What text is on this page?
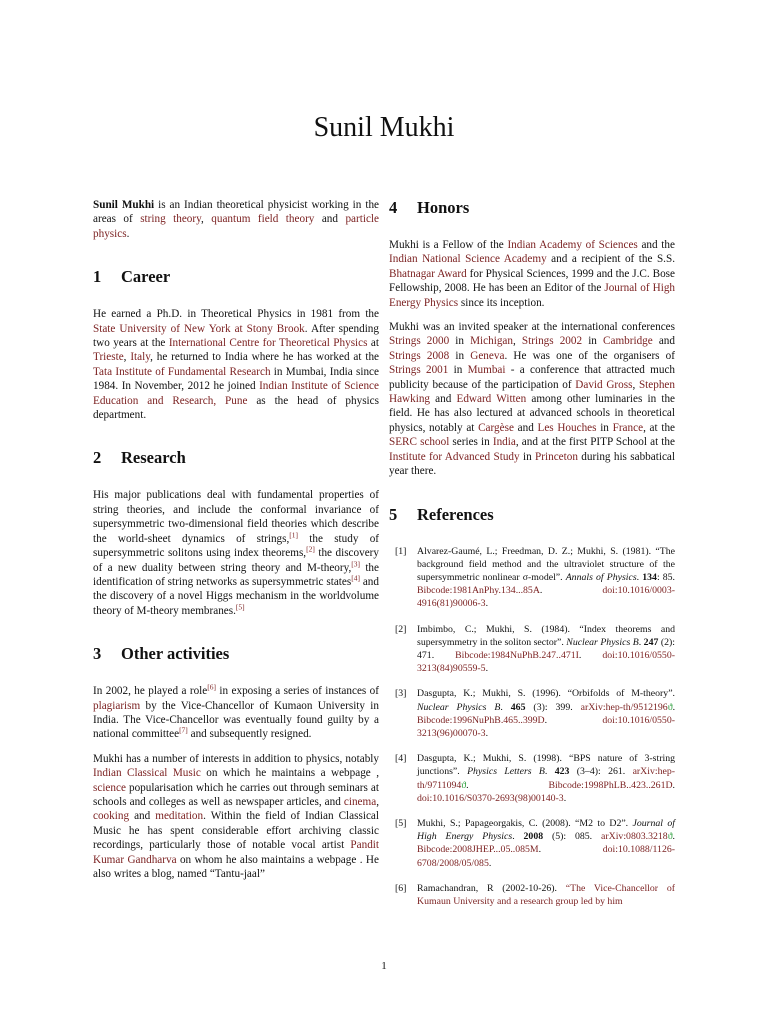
Sunil Mukhi

Sunil Mukhi is an Indian theoretical physicist working in the areas of string theory, quantum field theory and particle physics.

1 Career

He earned a Ph.D. in Theoretical Physics in 1981 from the State University of New York at Stony Brook. After spending two years at the International Centre for Theoretical Physics at Trieste, Italy, he returned to India where he has worked at the Tata Institute of Fundamental Research in Mumbai, India since 1984. In November, 2012 he joined Indian Institute of Science Education and Research, Pune as the head of physics department.

2 Research

His major publications deal with fundamental properties of string theories, and include the conformal invariance of supersymmetric two-dimensional field theories which describe the world-sheet dynamics of strings,[1] the study of supersymmetric solitons using index theorems,[2] the discovery of a new duality between string theory and M-theory,[3] the identification of string networks as supersymmetric states[4] and the discovery of a novel Higgs mechanism in the worldvolume theory of M-theory membranes.[5]

3 Other activities

In 2002, he played a role[6] in exposing a series of instances of plagiarism by the Vice-Chancellor of Kumaon University in India. The Vice-Chancellor was eventually found guilty by a national committee[7] and subsequently resigned.

Mukhi has a number of interests in addition to physics, notably Indian Classical Music on which he maintains a webpage , science popularisation which he carries out through seminars at schools and colleges as well as newspaper articles, and cinema, cooking and meditation. Within the field of Indian Classical Music he has spent considerable effort archiving classic recordings, particularly those of notable vocal artist Pandit Kumar Gandharva on whom he also maintains a webpage . He also writes a blog, named “Tantu-jaal”

4 Honors

Mukhi is a Fellow of the Indian Academy of Sciences and the Indian National Science Academy and a recipient of the S.S. Bhatnagar Award for Physical Sciences, 1999 and the J.C. Bose Fellowship, 2008. He has been an Editor of the Journal of High Energy Physics since its inception.

Mukhi was an invited speaker at the international conferences Strings 2000 in Michigan, Strings 2002 in Cambridge and Strings 2008 in Geneva. He was one of the organisers of Strings 2001 in Mumbai - a conference that attracted much publicity because of the participation of David Gross, Stephen Hawking and Edward Witten among other luminaries in the field. He has also lectured at advanced schools in theoretical physics, notably at Cargèse and Les Houches in France, at the SERC school series in India, and at the first PITP School at the Institute for Advanced Study in Princeton during his sabbatical year there.

5 References
[1] Alvarez-Gaumé, L.; Freedman, D. Z.; Mukhi, S. (1981). “The background field method and the ultraviolet structure of the supersymmetric nonlinear σ-model”. Annals of Physics. 134: 85. Bibcode:1981AnPhy.134...85A. doi:10.1016/0003-4916(81)90006-3.
[2] Imbimbo, C.; Mukhi, S. (1984). “Index theorems and supersymmetry in the soliton sector”. Nuclear Physics B. 247 (2): 471. Bibcode:1984NuPhB.247..471I. doi:10.1016/0550-3213(84)90559-5.
[3] Dasgupta, K.; Mukhi, S. (1996). “Orbifolds of M-theory”. Nuclear Physics B. 465 (3): 399. arXiv:hep-th/9512196ϑ. Bibcode:1996NuPhB.465..399D. doi:10.1016/0550-3213(96)00070-3.
[4] Dasgupta, K.; Mukhi, S. (1998). “BPS nature of 3-string junctions”. Physics Letters B. 423 (3–4): 261. arXiv:hep-th/9711094ϑ. Bibcode:1998PhLB..423..261D. doi:10.1016/S0370-2693(98)00140-3.
[5] Mukhi, S.; Papageorgakis, C. (2008). “M2 to D2”. Journal of High Energy Physics. 2008 (5): 085. arXiv:0803.3218ϑ. Bibcode:2008JHEP...05..085M. doi:10.1088/1126-6708/2008/05/085.
[6] Ramachandran, R (2002-10-26). “The Vice-Chancellor of Kumaun University and a research group led by him
1
